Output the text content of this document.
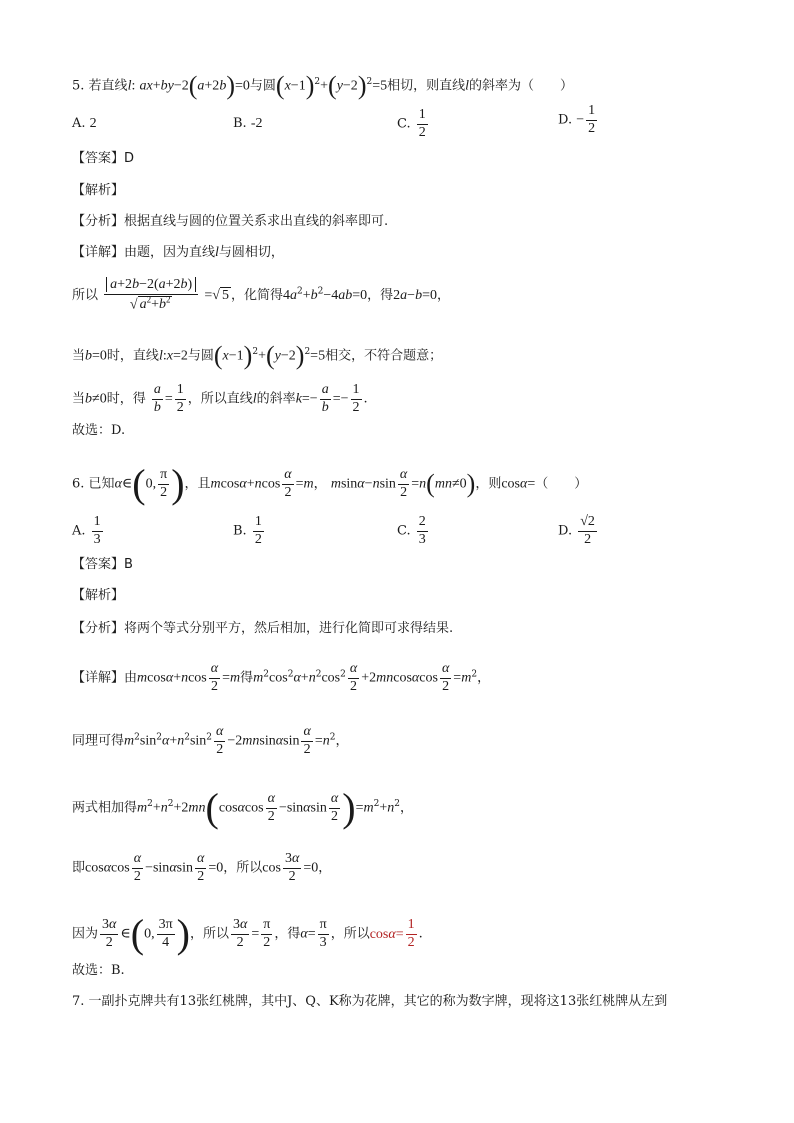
5. 若直线l: ax+by−2(a+2b)=0与圆$(x-1)^2+(y-2)^2=5$相切，则直线l的斜率为（　　）
A. 2	B. -2	C. $\frac{1}{2}$	D. − $\frac{1}{2}$
【答案】D
【解析】
【分析】根据直线与圆的位置关系求出直线的斜率即可.
【详解】由题，因为直线l与圆相切，
所以 $\frac{a+2b-2(a+2b)}{√ a^2+b^2}$ =√ 5 ，化简得$4a^2+b^2-4ab=0$，得2a−b=0，
当b=0时，直线l:x=2与圆$(x-1)^2+(y-2)^2=5$相交，不符合题意；
当b≠0时，得 $\frac{a}{b} = \frac{1}{2}$ ，所以直线l的斜率$k=- \frac{a}{b} =- \frac{1}{2}$ .
故选：D.
6. 已知α∈(0, $\frac{\pi}{2}$ )，且$mcos\alpha+ncos \frac{\alpha}{2} =m$， $msin\alpha-nsin \frac{\alpha}{2} =n(mn\ne 0)$，则cosα=（　　）
A. $\frac{1}{3}$	B. $\frac{1}{2}$	C. $\frac{2}{3}$	D. $\frac{√2}{2}$
【答案】B
【解析】
【分析】将两个等式分别平方，然后相加，进行化简即可求得结果.
【详解】由$mcos\alpha+ncos \frac{\alpha}{2} =m$得$m^2\cos^2\alpha+n^2\cos^2 \frac{\alpha}{2} +2mncos\alpha\cos \frac{\alpha}{2} =m^2$，
同理可得$m^2\sin^2\alpha+n^2\sin^2 \frac{\alpha}{2} -2mnsin\alpha\sin \frac{\alpha}{2} =n^2$，
两式相加得$m^2+n^2+2mn(\cos\alpha\cos \frac{\alpha}{2} -\sin\alpha\sin \frac{\alpha}{2} )=m^2+n^2$，
即cosαcos $\frac{\alpha}{2} -\sin\alpha\sin \frac{\alpha}{2} =0$，所以$\cos \frac{3\alpha}{2} =0$，
因为 $\frac{3\alpha}{2}$ ∈(0, $\frac{3\pi}{4}$ )，所以 $\frac{3\alpha}{2} = \frac{\pi}{2}$ ，得$\alpha= \frac{\pi}{3}$ ，所以$\cos\alpha= \frac{1}{2}$ .
故选：B.
7. 一副扑克牌共有13张红桃牌，其中J、Q、K称为花牌，其它的称为数字牌，现将这13张红桃牌从左到
